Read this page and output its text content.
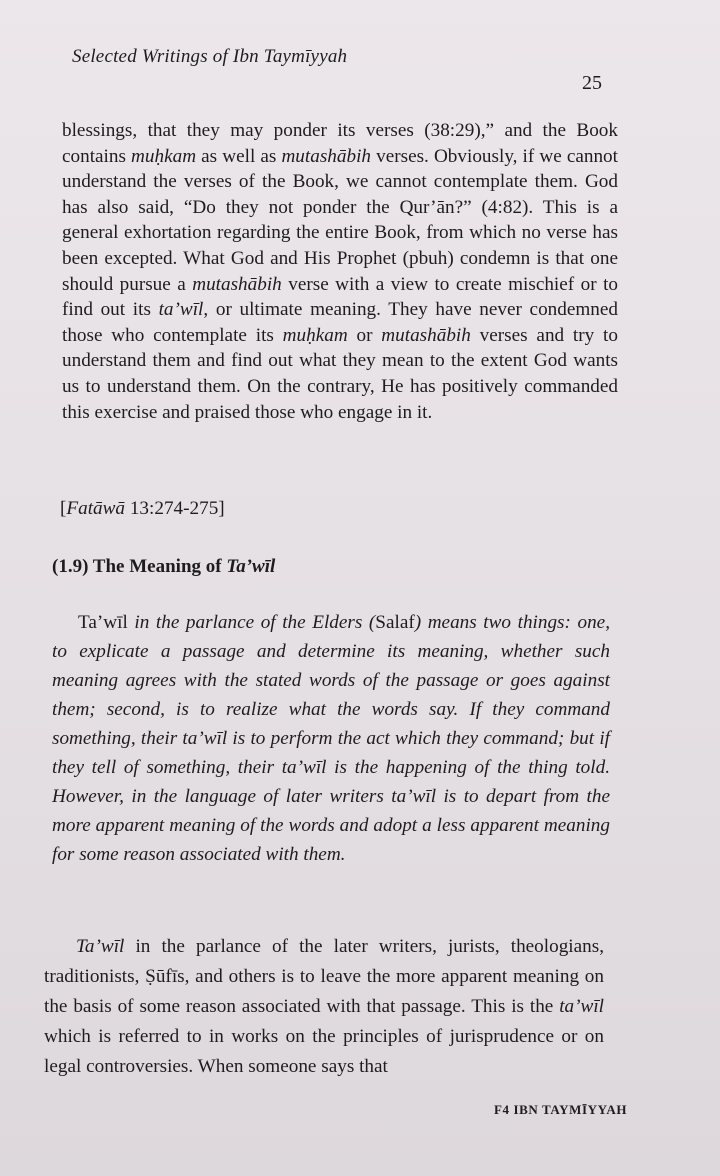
Selected Writings of Ibn Taymīyyah
25

blessings, that they may ponder its verses (38:29),” and the Book contains muḥkam as well as mutashābih verses. Obviously, if we cannot understand the verses of the Book, we cannot contemplate them. God has also said, “Do they not ponder the Qur’ān?” (4:82). This is a general exhortation regarding the entire Book, from which no verse has been excepted. What God and His Prophet (pbuh) condemn is that one should pursue a mutashābih verse with a view to create mischief or to find out its ta’wīl, or ultimate meaning. They have never condemned those who contemplate its muḥkam or mutashābih verses and try to understand them and find out what they mean to the extent God wants us to understand them. On the contrary, He has positively commanded this exercise and praised those who engage in it.

[Fatāwā 13:274-275]
(1.9) The Meaning of Ta’wīl

Ta’wīl in the parlance of the Elders (Salaf) means two things: one, to explicate a passage and determine its meaning, whether such meaning agrees with the stated words of the passage or goes against them; second, is to realize what the words say. If they command something, their ta’wīl is to perform the act which they command; but if they tell of something, their ta’wīl is the happening of the thing told. However, in the language of later writers ta’wīl is to depart from the more apparent meaning of the words and adopt a less apparent meaning for some reason associated with them.

Ta’wīl in the parlance of the later writers, jurists, theologians, traditionists, Ṣūfīs, and others is to leave the more apparent meaning on the basis of some reason associated with that passage. This is the ta’wīl which is referred to in works on the principles of jurisprudence or on legal controversies. When someone says that

F4 IBN TAYMĪYYAH
